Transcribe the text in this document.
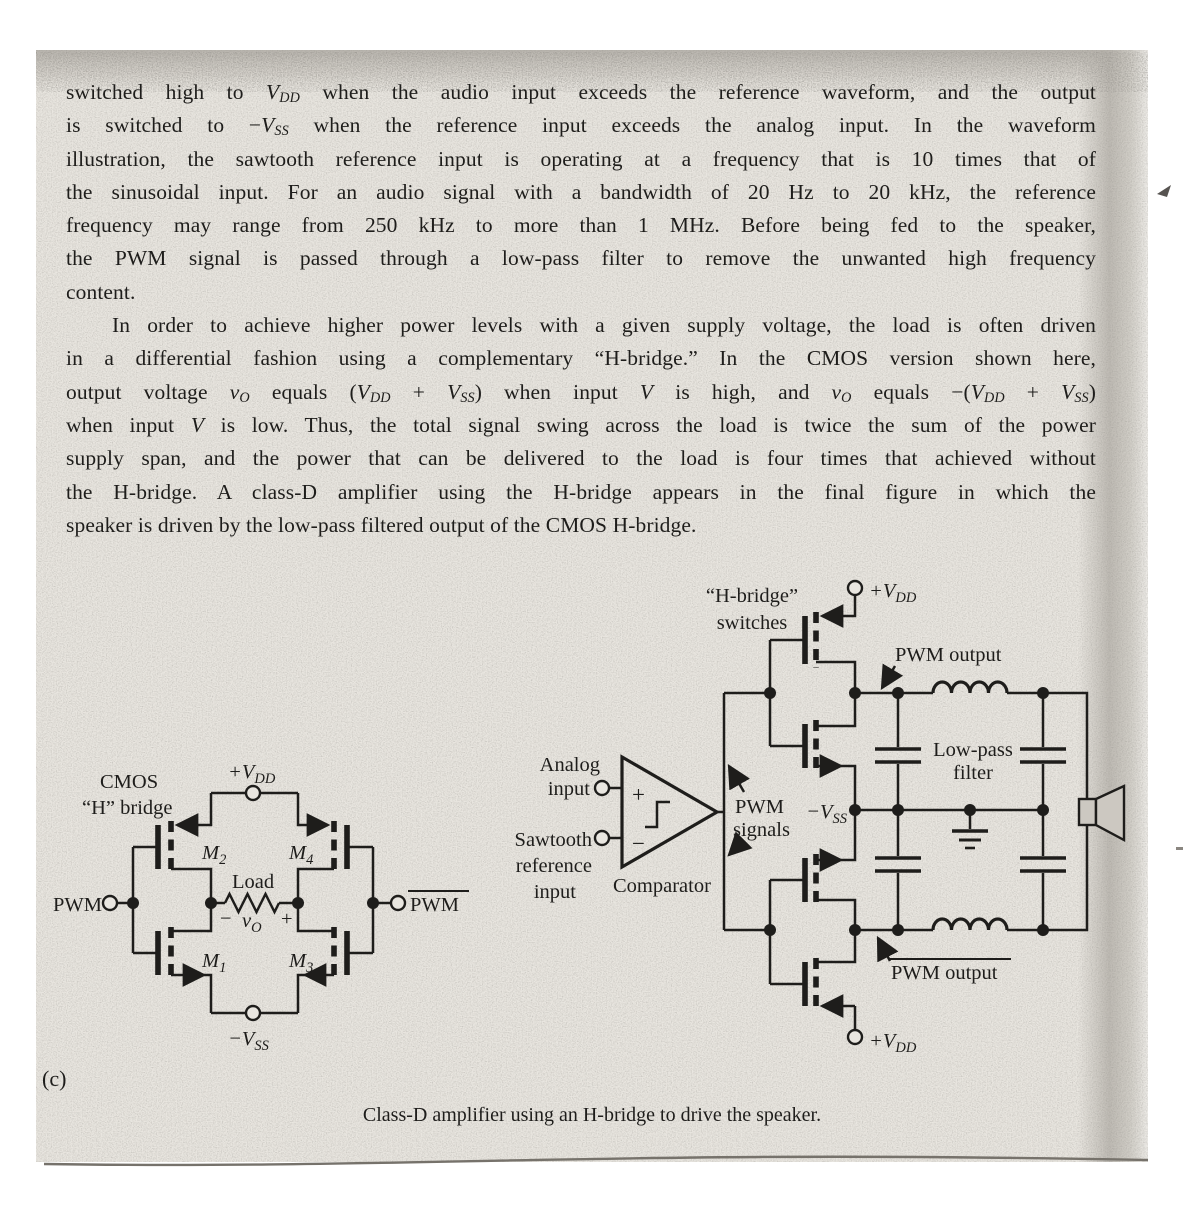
CMOS
“H” bridge
$+V_{DD}$
$-V_{SS}$
PWM	PWM
$M_2$	$M_4$
$M_1$	$M_3$
Load
− $v_O$ +
+
−
“H-bridge”
switches
$+V_{DD}$
$+V_{DD}$
$-V_{SS}$
Analog
input
Sawtooth
reference
input Comparator
PWM
signals
PWM output
PWM output
Low-pass
filter
switched high to $V_{DD}$ when the audio input exceeds the reference waveform, and the output
is switched to $-V_{SS}$ when the reference input exceeds the analog input. In the waveform
illustration, the sawtooth reference input is operating at a frequency that is 10 times that of
the sinusoidal input. For an audio signal with a bandwidth of 20 Hz to 20 kHz, the reference
frequency may range from 250 kHz to more than 1 MHz. Before being fed to the speaker,
the PWM signal is passed through a low-pass filter to remove the unwanted high frequency
content.
In order to achieve higher power levels with a given supply voltage, the load is often driven
in a differential fashion using a complementary “H-bridge.” In the CMOS version shown here,
output voltage $v_O$ equals $(V_{DD} + V_{SS})$ when input V is high, and $v_O$ equals $-(V_{DD} + V_{SS})$
when input V is low. Thus, the total signal swing across the load is twice the sum of the power
supply span, and the power that can be delivered to the load is four times that achieved without
the H-bridge. A class-D amplifier using the H-bridge appears in the final figure in which the
speaker is driven by the low-pass filtered output of the CMOS H-bridge.
(c)
Class-D amplifier using an H-bridge to drive the speaker.
